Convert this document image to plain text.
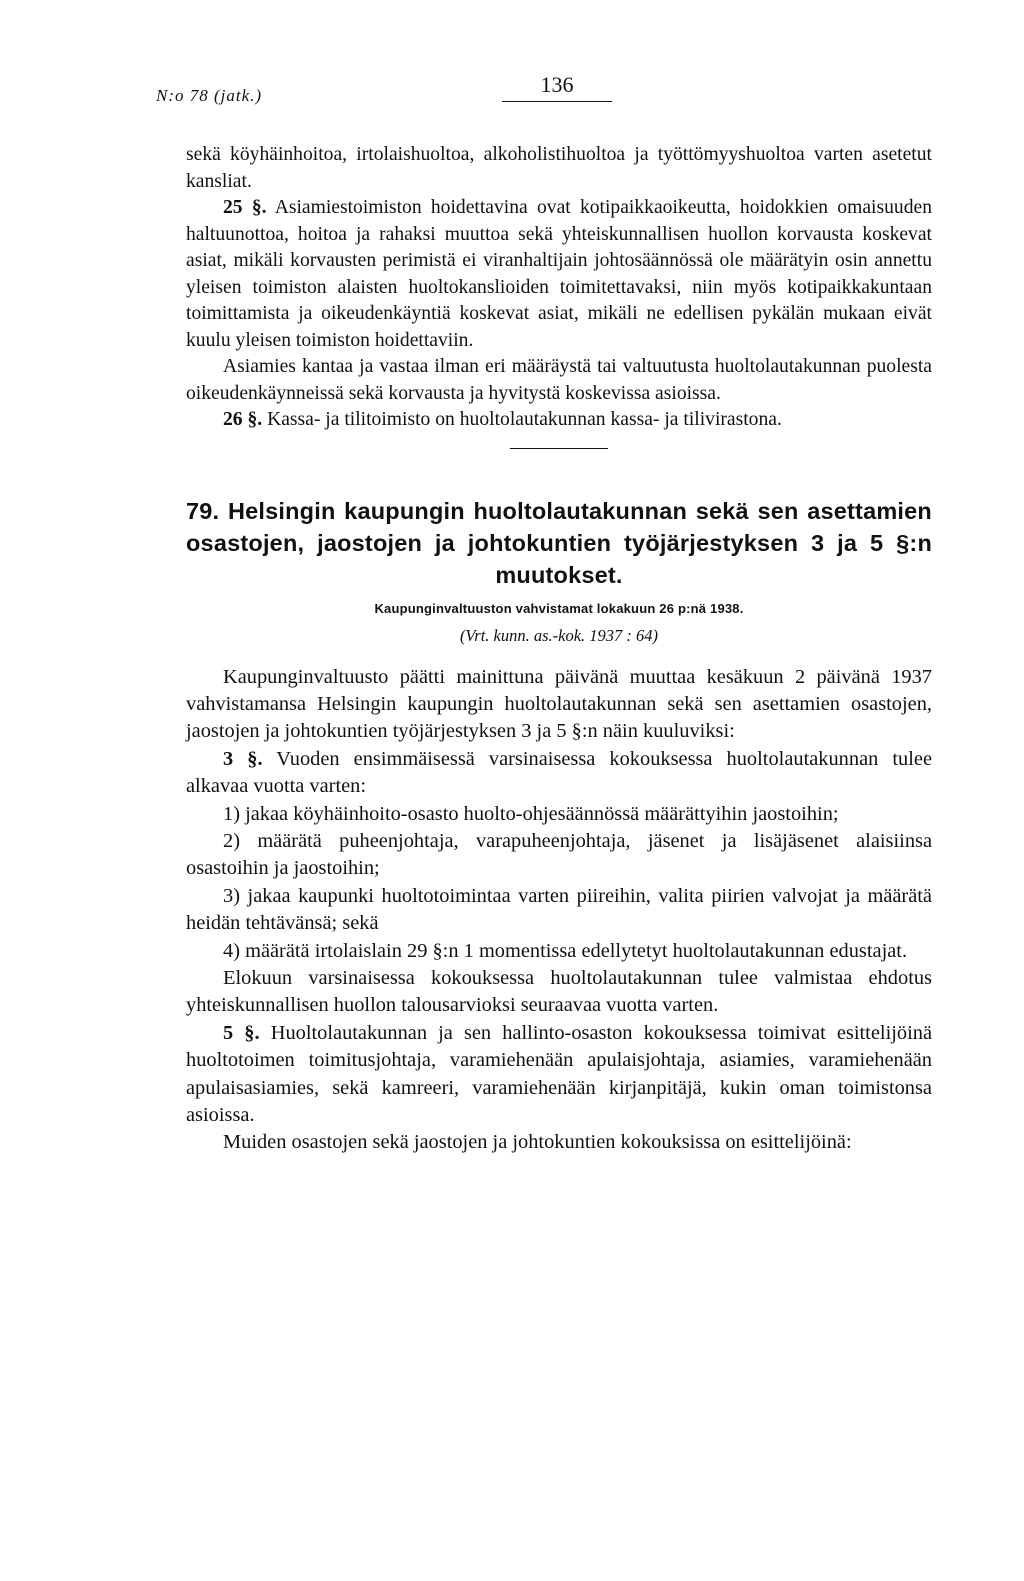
N:o 78 (jatk.)	136

sekä köyhäinhoitoa, irtolaishuoltoa, alkoholistihuoltoa ja työttömyyshuoltoa varten asetetut kansliat.

25 §. Asiamiestoimiston hoidettavina ovat kotipaikkaoikeutta, hoidokkien omaisuuden haltuunottoa, hoitoa ja rahaksi muuttoa sekä yhteiskunnallisen huollon korvausta koskevat asiat, mikäli korvausten perimistä ei viranhaltijain johtosäännössä ole määrätyin osin annettu yleisen toimiston alaisten huoltokanslioiden toimitettavaksi, niin myös kotipaikkakuntaan toimittamista ja oikeudenkäyntiä koskevat asiat, mikäli ne edellisen pykälän mukaan eivät kuulu yleisen toimiston hoidettaviin.

Asiamies kantaa ja vastaa ilman eri määräystä tai valtuutusta huoltolautakunnan puolesta oikeudenkäynneissä sekä korvausta ja hyvitystä koskevissa asioissa.

26 §. Kassa- ja tilitoimisto on huoltolautakunnan kassa- ja tilivirastona.

79. Helsingin kaupungin huoltolautakunnan sekä sen asettamien osastojen, jaostojen ja johtokuntien työjärjestyksen 3 ja 5 §:n muutokset.
Kaupunginvaltuuston vahvistamat lokakuun 26 p:nä 1938.
(Vrt. kunn. as.-kok. 1937 : 64)

Kaupunginvaltuusto päätti mainittuna päivänä muuttaa kesäkuun 2 päivänä 1937 vahvistamansa Helsingin kaupungin huoltolautakunnan sekä sen asettamien osastojen, jaostojen ja johtokuntien työjärjestyksen 3 ja 5 §:n näin kuuluviksi:

3 §. Vuoden ensimmäisessä varsinaisessa kokouksessa huoltolautakunnan tulee alkavaa vuotta varten:

1) jakaa köyhäinhoito-osasto huolto-ohjesäännössä määrättyihin jaostoihin;

2) määrätä puheenjohtaja, varapuheenjohtaja, jäsenet ja lisäjäsenet alaisiinsa osastoihin ja jaostoihin;

3) jakaa kaupunki huoltotoimintaa varten piireihin, valita piirien valvojat ja määrätä heidän tehtävänsä; sekä

4) määrätä irtolaislain 29 §:n 1 momentissa edellytetyt huoltolautakunnan edustajat.

Elokuun varsinaisessa kokouksessa huoltolautakunnan tulee valmistaa ehdotus yhteiskunnallisen huollon talousarvioksi seuraavaa vuotta varten.

5 §. Huoltolautakunnan ja sen hallinto-osaston kokouksessa toimivat esittelijöinä huoltotoimen toimitusjohtaja, varamiehenään apulaisjohtaja, asiamies, varamiehenään apulaisasiamies, sekä kamreeri, varamiehenään kirjanpitäjä, kukin oman toimistonsa asioissa.

Muiden osastojen sekä jaostojen ja johtokuntien kokouksissa on esittelijöinä:
